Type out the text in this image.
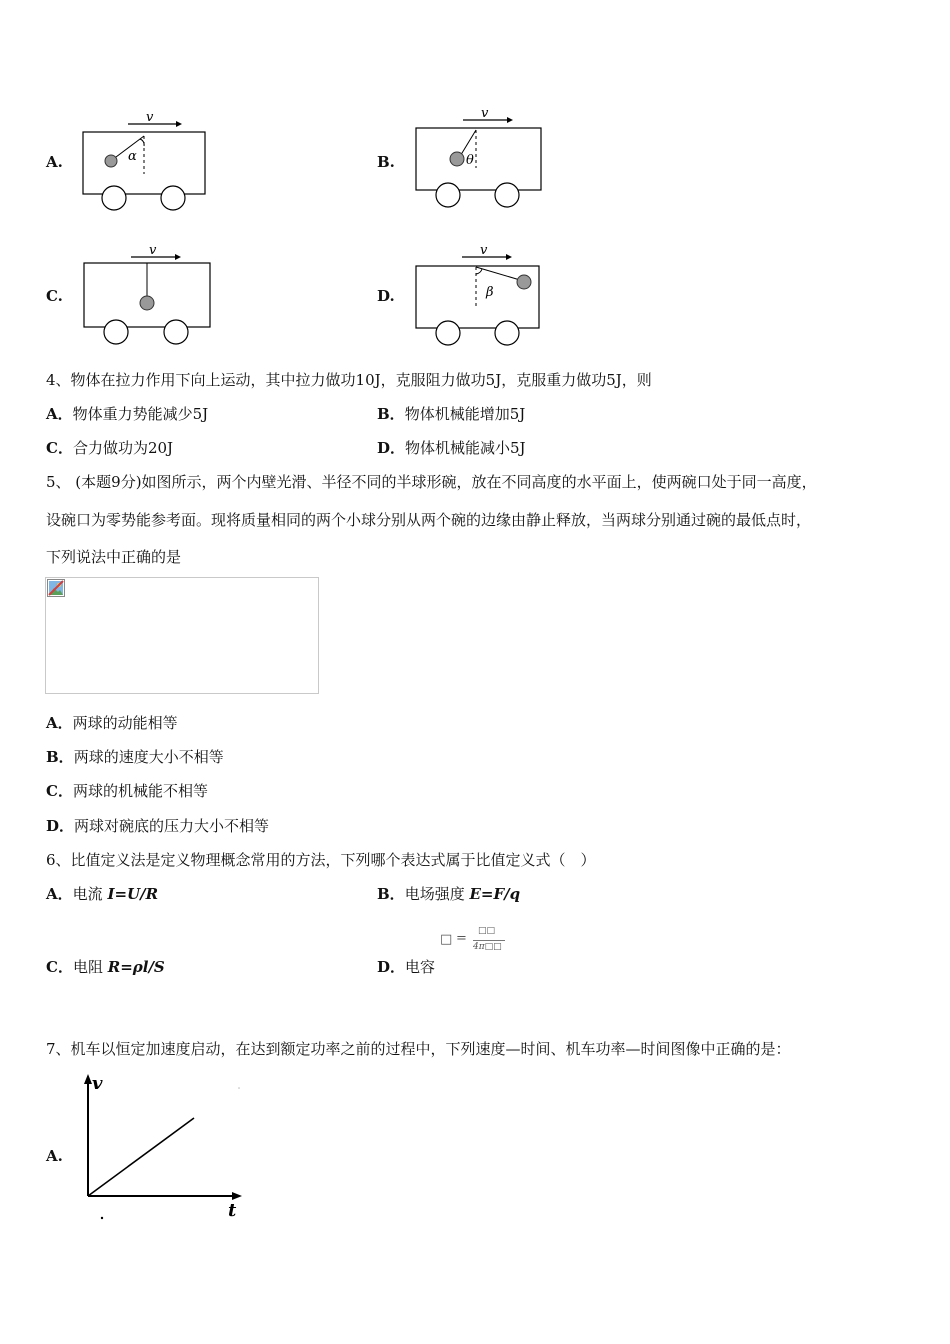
A.
v
α	B.
v
θ
C.
v
D.
v
β
4、物体在拉力作用下向上运动，其中拉力做功10J，克服阻力做功5J，克服重力做功5J，则
A．物体重力势能减少5J	B．物体机械能增加5J
C．合力做功为20J	D．物体机械能减小5J
5、 (本题9分)如图所示，两个内壁光滑、半径不同的半球形碗，放在不同高度的水平面上，使两碗口处于同一高度，
设碗口为零势能参考面。现将质量相同的两个小球分别从两个碗的边缘由静止释放，当两球分别通过碗的最低点时，
下列说法中正确的是
A．两球的动能相等
B．两球的速度大小不相等
C．两球的机械能不相等
D．两球对碗底的压力大小不相等
6、比值定义法是定义物理概念常用的方法，下列哪个表达式属于比值定义式（　）
A．电流 I=U/R	B．电场强度 E=F/q
□ = □□
4π□□
C．电阻 R=ρl/S	D．电容
7、机车以恒定加速度启动，在达到额定功率之前的过程中，下列速度—时间、机车功率—时间图像中正确的是：
A.
v
t
